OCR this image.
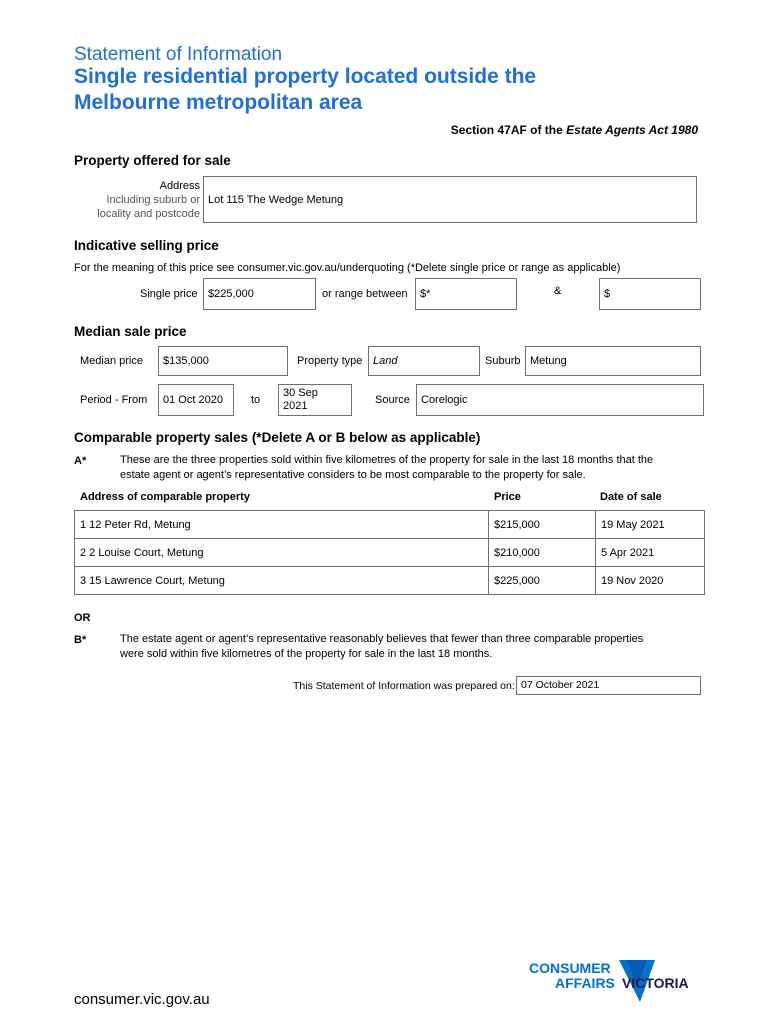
Statement of Information
Single residential property located outside the
Melbourne metropolitan area
Section 47AF of the Estate Agents Act 1980
Property offered for sale
Address
Including suburb or
locality and postcode
Lot 115 The Wedge Metung
Indicative selling price
For the meaning of this price see consumer.vic.gov.au/underquoting (*Delete single price or range as applicable)
Single price $225,000	or range between	$*	&	$
Median sale price
Median price	$135,000	Property type Land	Suburb Metung
Period - From	01 Oct 2020	to
30 Sep
2021	Source	Corelogic
Comparable property sales (*Delete A or B below as applicable)
A*	These are the three properties sold within five kilometres of the property for sale in the last 18 months that the
estate agent or agent’s representative considers to be most comparable to the property for sale.
Address of comparable property	Price	Date of sale
1 12 Peter Rd, Metung	$215,000	19 May 2021
2 2 Louise Court, Metung	$210,000	5 Apr 2021
3 15 Lawrence Court, Metung	$225,000	19 Nov 2020
OR
B*	The estate agent or agent’s representative reasonably believes that fewer than three comparable properties
were sold within five kilometres of the property for sale in the last 18 months.
This Statement of Information was prepared on: 07 October 2021
consumer.vic.gov.au
CONSUMER
AFFAIRS VICTORIA
